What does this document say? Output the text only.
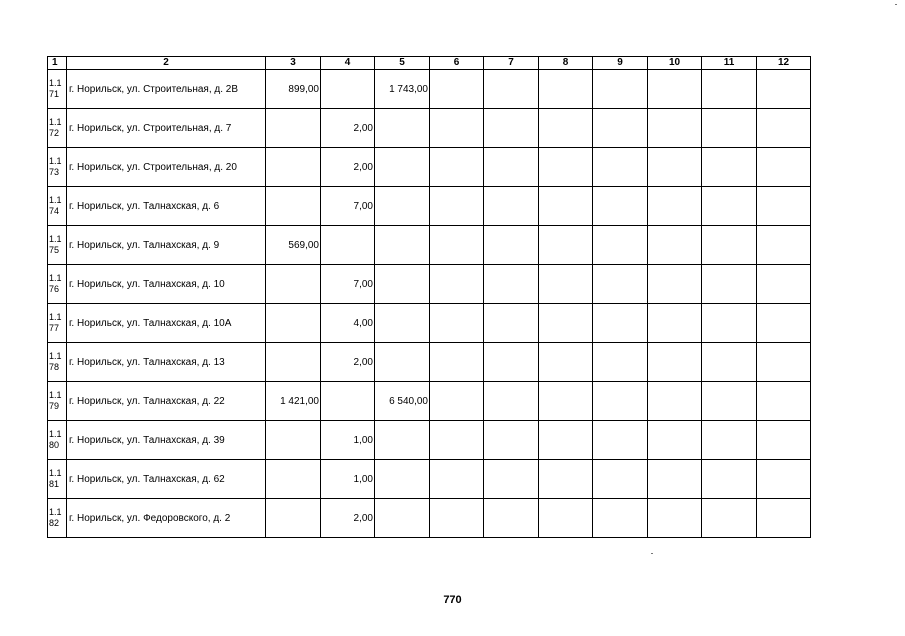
1	2	3	4	5	6	7	8	9	10	11	12

1.1
71	г. Норильск, ул. Строительная, д. 2В	899,00		1 743,00							

1.1
72	г. Норильск, ул. Строительная, д. 7		2,00								

1.1
73	г. Норильск, ул. Строительная, д. 20		2,00								

1.1
74	г. Норильск, ул. Талнахская, д. 6		7,00								

1.1
75	г. Норильск, ул. Талнахская, д. 9	569,00									

1.1
76	г. Норильск, ул. Талнахская, д. 10		7,00								

1.1
77	г. Норильск, ул. Талнахская, д. 10А		4,00								

1.1
78	г. Норильск, ул. Талнахская, д. 13		2,00								

1.1
79	г. Норильск, ул. Талнахская, д. 22	1 421,00		6 540,00							

1.1
80	г. Норильск, ул. Талнахская, д. 39		1,00								

1.1
81	г. Норильск, ул. Талнахская, д. 62		1,00								

1.1
82	г. Норильск, ул. Федоровского, д. 2		2,00								
770
